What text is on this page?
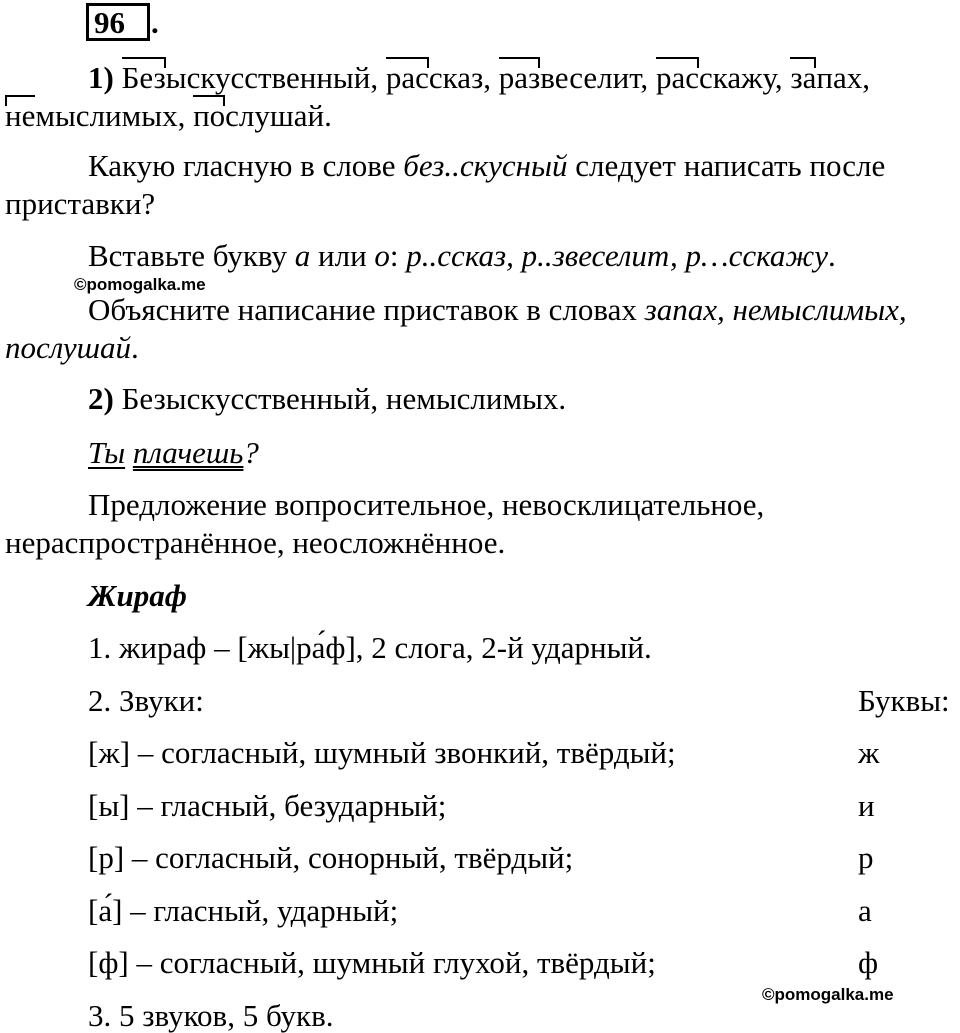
96 .
1) Безыскусственный, рассказ, развеселит, расскажу, запах,
немыслимых, послушай.
Какую гласную в слове без..скусный следует написать после
приставки?
Вставьте букву а или о: р..ссказ, р..звеселит, р…сскажу.
©pomogalka.me
Объясните написание приставок в словах запах, немыслимых,
послушай.
2) Безыскусственный, немыслимых.
Ты плачешь?
Предложение вопросительное, невосклицательное,
нераспространённое, неосложнённое.
Жираф
1. жираф – [жы|ра́ф], 2 слога, 2-й ударный.
2. Звуки:	Буквы:
[ж] – согласный, шумный звонкий, твёрдый;	ж
[ы] – гласный, безударный;	и
[р] – согласный, сонорный, твёрдый;	р
[а́] – гласный, ударный;	а
[ф] – согласный, шумный глухой, твёрдый;	ф
3. 5 звуков, 5 букв.
©pomogalka.me
